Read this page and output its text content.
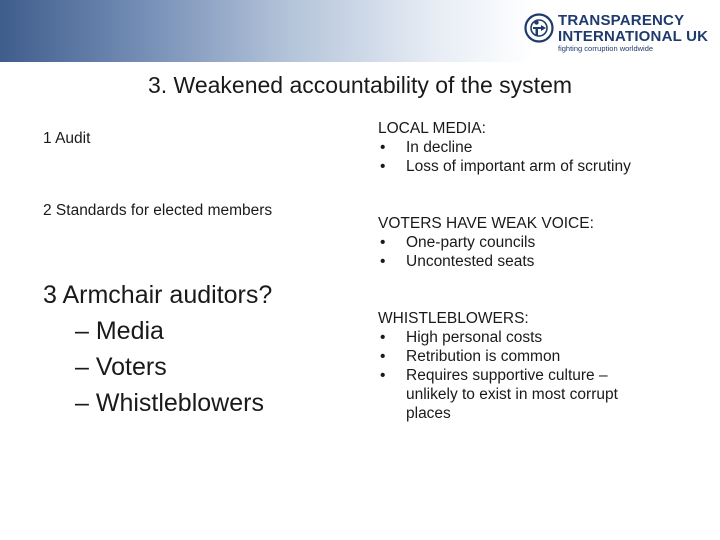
TRANSPARENCY
INTERNATIONAL UK
fighting corruption worldwide
3. Weakened accountability of the system
1 Audit
2 Standards for elected members
3 Armchair auditors?
– Media
– Voters
– Whistleblowers
LOCAL MEDIA:
• In decline
• Loss of important arm of scrutiny
VOTERS HAVE WEAK VOICE:
• One-party councils
• Uncontested seats
WHISTLEBLOWERS:
• High personal costs
• Retribution is common
• Requires supportive culture – unlikely to exist in most corrupt places
